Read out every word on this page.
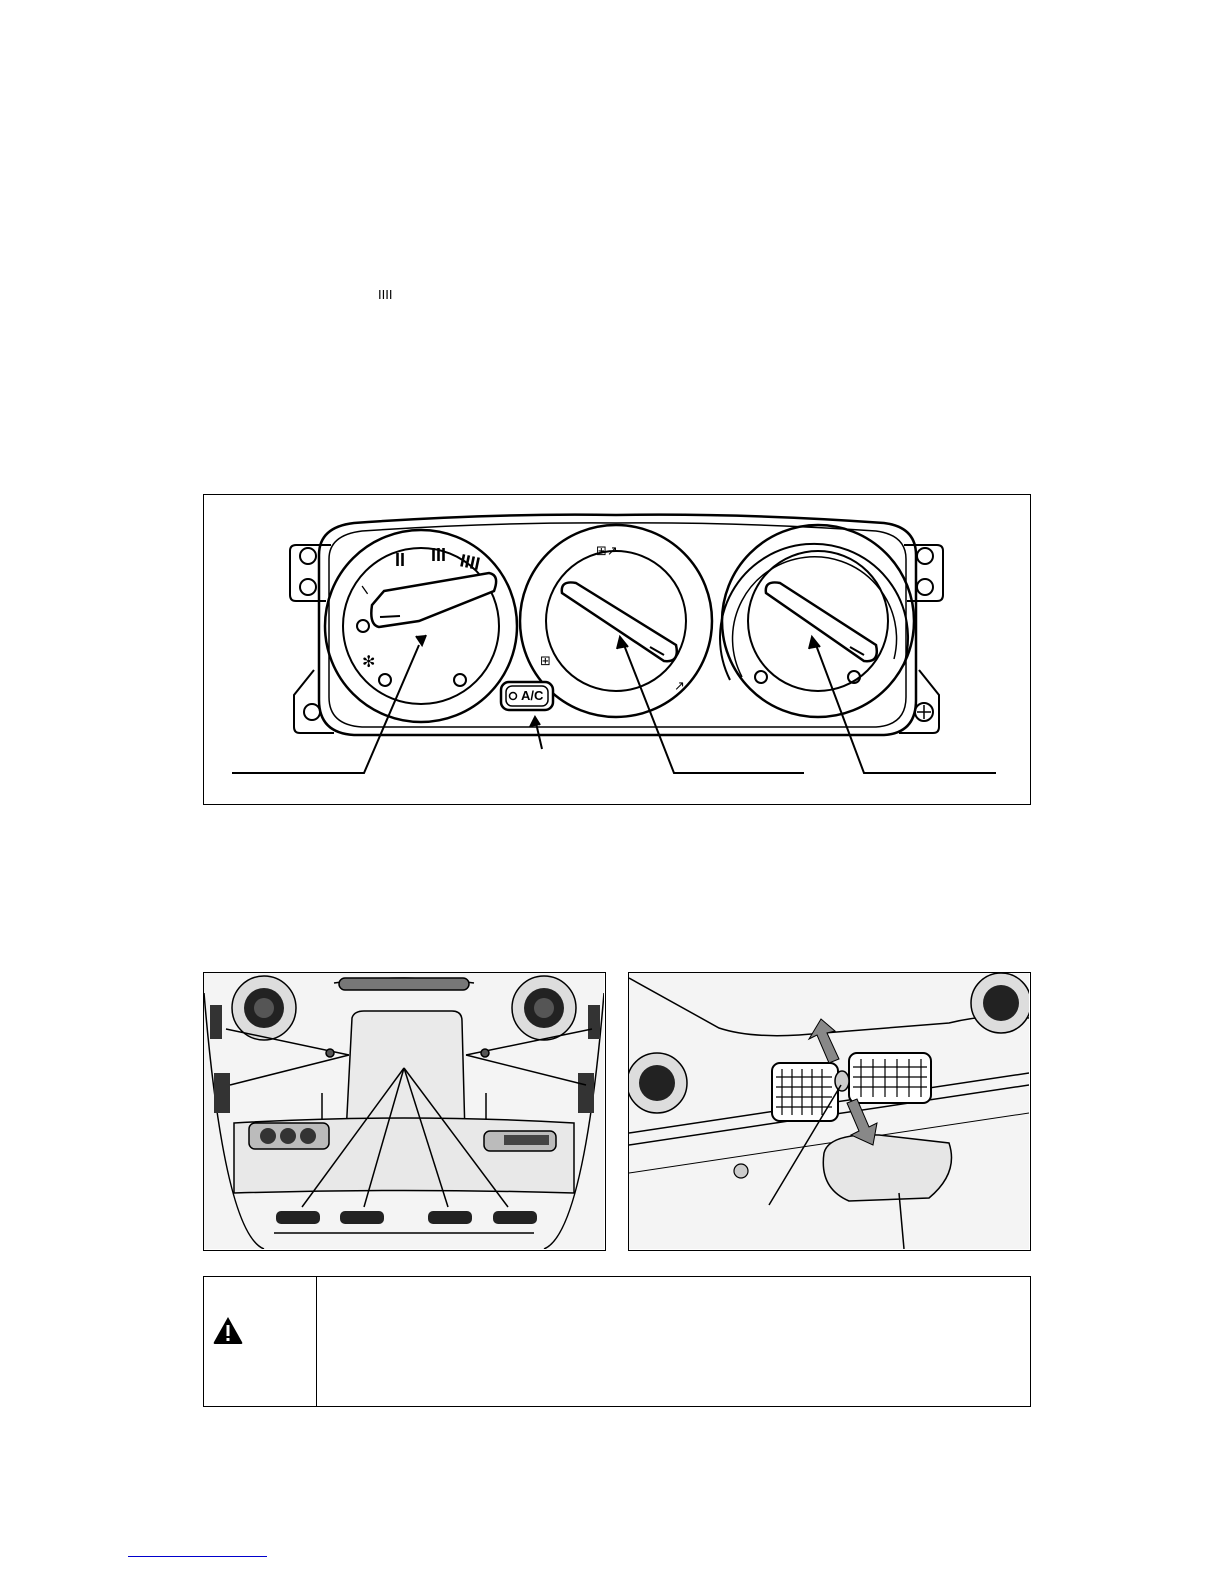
IIII
I
II III IIII
✻
⊞↗
⊞
↗
A/C
